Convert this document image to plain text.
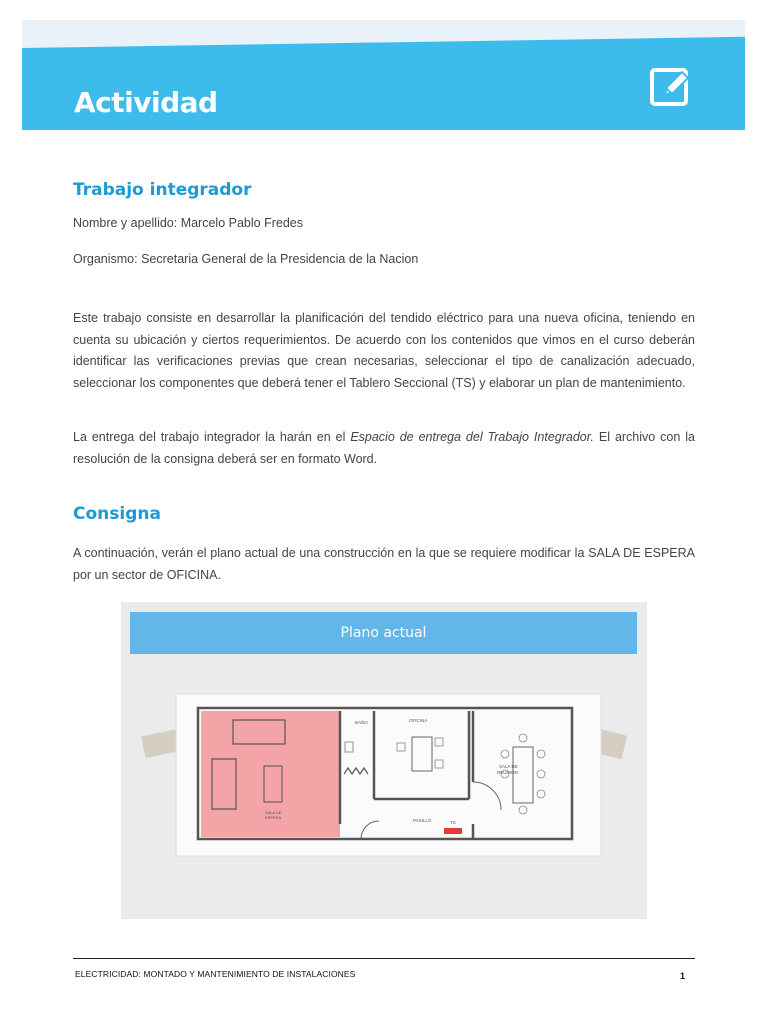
Actividad
Trabajo integrador

Nombre y apellido: Marcelo Pablo Fredes

Organismo: Secretaria General de la Presidencia de la Nacion

Este trabajo consiste en desarrollar la planificación del tendido eléctrico para una nueva oficina, teniendo en cuenta su ubicación y ciertos requerimientos. De acuerdo con los contenidos que vimos en el curso deberán identificar las verificaciones previas que crean necesarias, seleccionar el tipo de canalización adecuado, seleccionar los componentes que deberá tener el Tablero Seccional (TS) y elaborar un plan de mantenimiento.

La entrega del trabajo integrador la harán en el Espacio de entrega del Trabajo Integrador. El archivo con la resolución de la consigna deberá ser en formato Word.

Consigna

A continuación, verán el plano actual de una construcción en la que se requiere modificar la SALA DE ESPERA por un sector de OFICINA.

Plano actual
BAÑO	OFICINA
SALA DE
REUNION
SALA DE
ESPERA
PASILLO	TS

ELECTRICIDAD: MONTADO Y MANTENIMIENTO DE INSTALACIONES	1
